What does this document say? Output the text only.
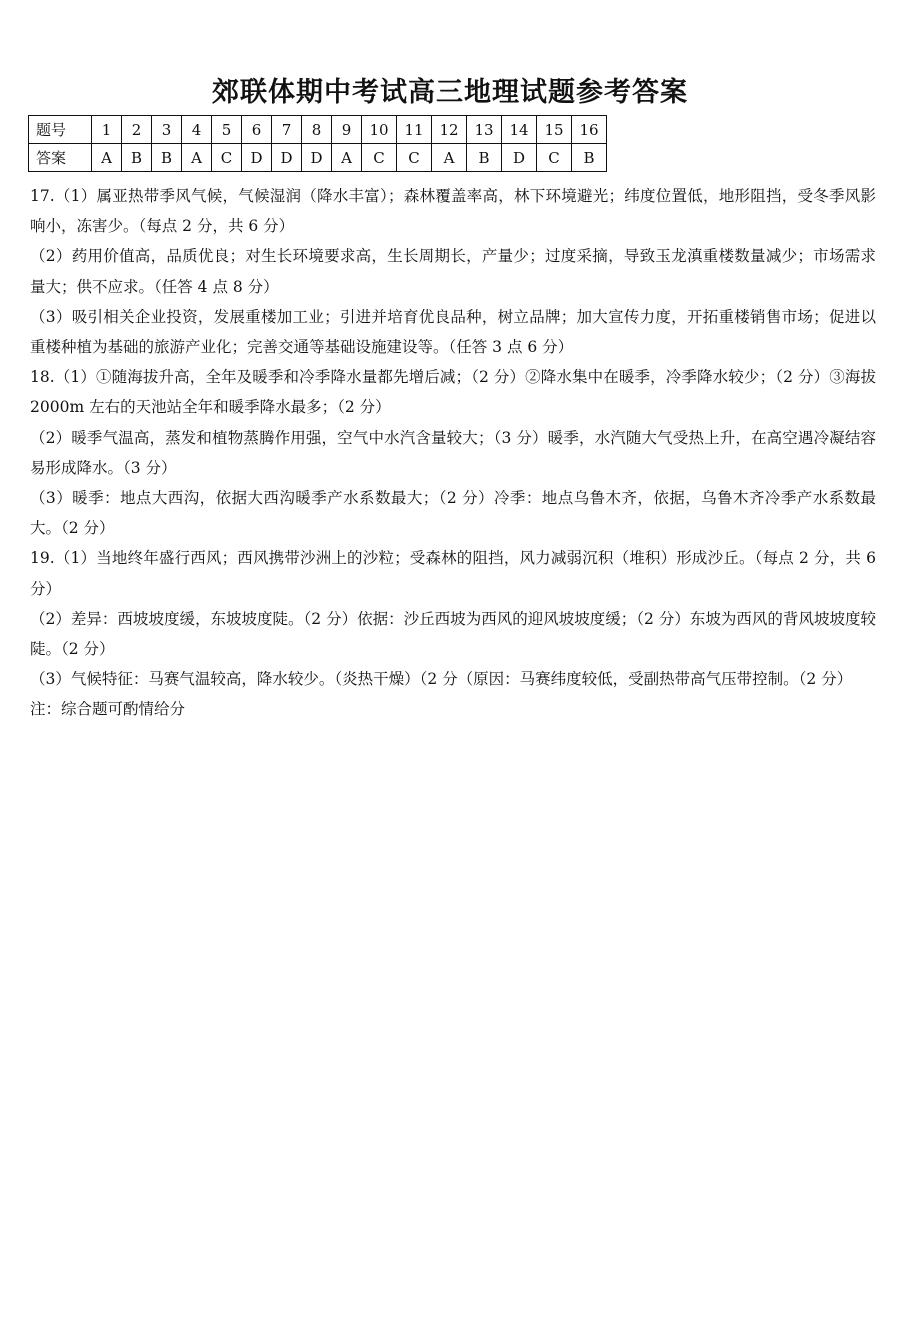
郊联体期中考试高三地理试题参考答案
题号	1	2	3	4	5	6	7	8	9	10	11	12	13	14	15	16
答案	A	B	B	A	C	D	D	D	A	C	C	A	B	D	C	B

17.（1）属亚热带季风气候，气候湿润（降水丰富）；森林覆盖率高，林下环境避光；纬度位置低，地形阻挡，受冬季风影响小，冻害少。（每点 2 分，共 6 分）

（2）药用价值高，品质优良；对生长环境要求高，生长周期长，产量少；过度采摘，导致玉龙滇重楼数量减少；市场需求量大；供不应求。（任答 4 点 8 分）

（3）吸引相关企业投资，发展重楼加工业；引进并培育优良品种，树立品牌；加大宣传力度，开拓重楼销售市场；促进以重楼种植为基础的旅游产业化；完善交通等基础设施建设等。（任答 3 点 6 分）

18.（1）①随海拔升高，全年及暖季和冷季降水量都先增后减；（2 分）②降水集中在暖季，冷季降水较少；（2 分）③海拔 2000m 左右的天池站全年和暖季降水最多；（2 分）

（2）暖季气温高，蒸发和植物蒸腾作用强，空气中水汽含量较大；（3 分）暖季，水汽随大气受热上升，在高空遇冷凝结容易形成降水。（3 分）

（3）暖季：地点大西沟，依据大西沟暖季产水系数最大；（2 分）冷季：地点乌鲁木齐，依据，乌鲁木齐冷季产水系数最大。（2 分）

19.（1）当地终年盛行西风；西风携带沙洲上的沙粒；受森林的阻挡，风力减弱沉积（堆积）形成沙丘。（每点 2 分，共 6 分）

（2）差异：西坡坡度缓，东坡坡度陡。（2 分）依据：沙丘西坡为西风的迎风坡坡度缓；（2 分）东坡为西风的背风坡坡度较陡。（2 分）

（3）气候特征：马赛气温较高，降水较少。（炎热干燥）（2 分（原因：马赛纬度较低，受副热带高气压带控制。（2 分）

注：综合题可酌情给分
